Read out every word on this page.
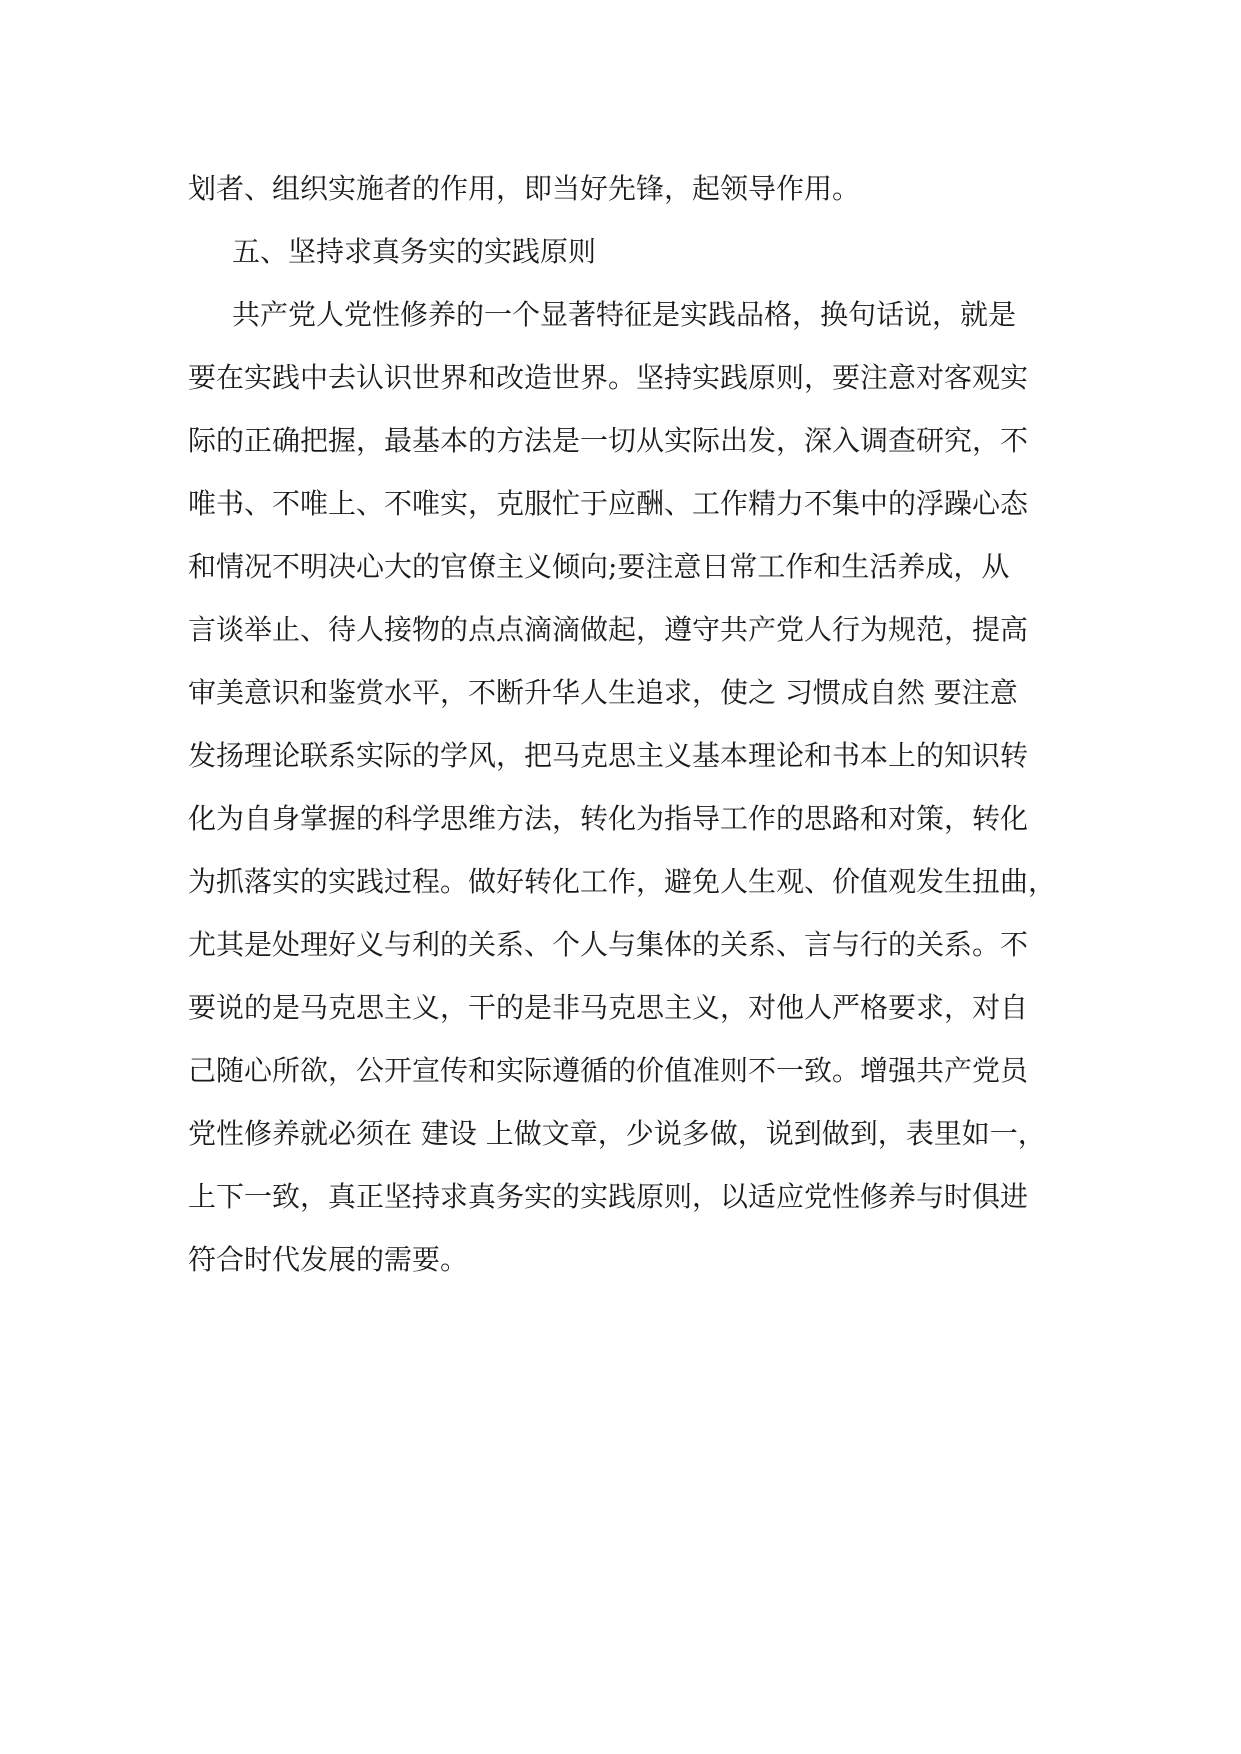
划者、组织实施者的作用，即当好先锋，起领导作用。
五、坚持求真务实的实践原则
共产党人党性修养的一个显著特征是实践品格，换句话说，就是
要在实践中去认识世界和改造世界。坚持实践原则，要注意对客观实
际的正确把握，最基本的方法是一切从实际出发，深入调查研究，不
唯书、不唯上、不唯实，克服忙于应酬、工作精力不集中的浮躁心态
和情况不明决心大的官僚主义倾向;要注意日常工作和生活养成，从
言谈举止、待人接物的点点滴滴做起，遵守共产党人行为规范，提高
审美意识和鉴赏水平，不断升华人生追求，使之 习惯成自然 要注意
发扬理论联系实际的学风，把马克思主义基本理论和书本上的知识转
化为自身掌握的科学思维方法，转化为指导工作的思路和对策，转化
为抓落实的实践过程。做好转化工作，避免人生观、价值观发生扭曲，
尤其是处理好义与利的关系、个人与集体的关系、言与行的关系。不
要说的是马克思主义，干的是非马克思主义，对他人严格要求，对自
己随心所欲，公开宣传和实际遵循的价值准则不一致。增强共产党员
党性修养就必须在 建设 上做文章，少说多做，说到做到，表里如一，
上下一致，真正坚持求真务实的实践原则，以适应党性修养与时俱进
符合时代发展的需要。
